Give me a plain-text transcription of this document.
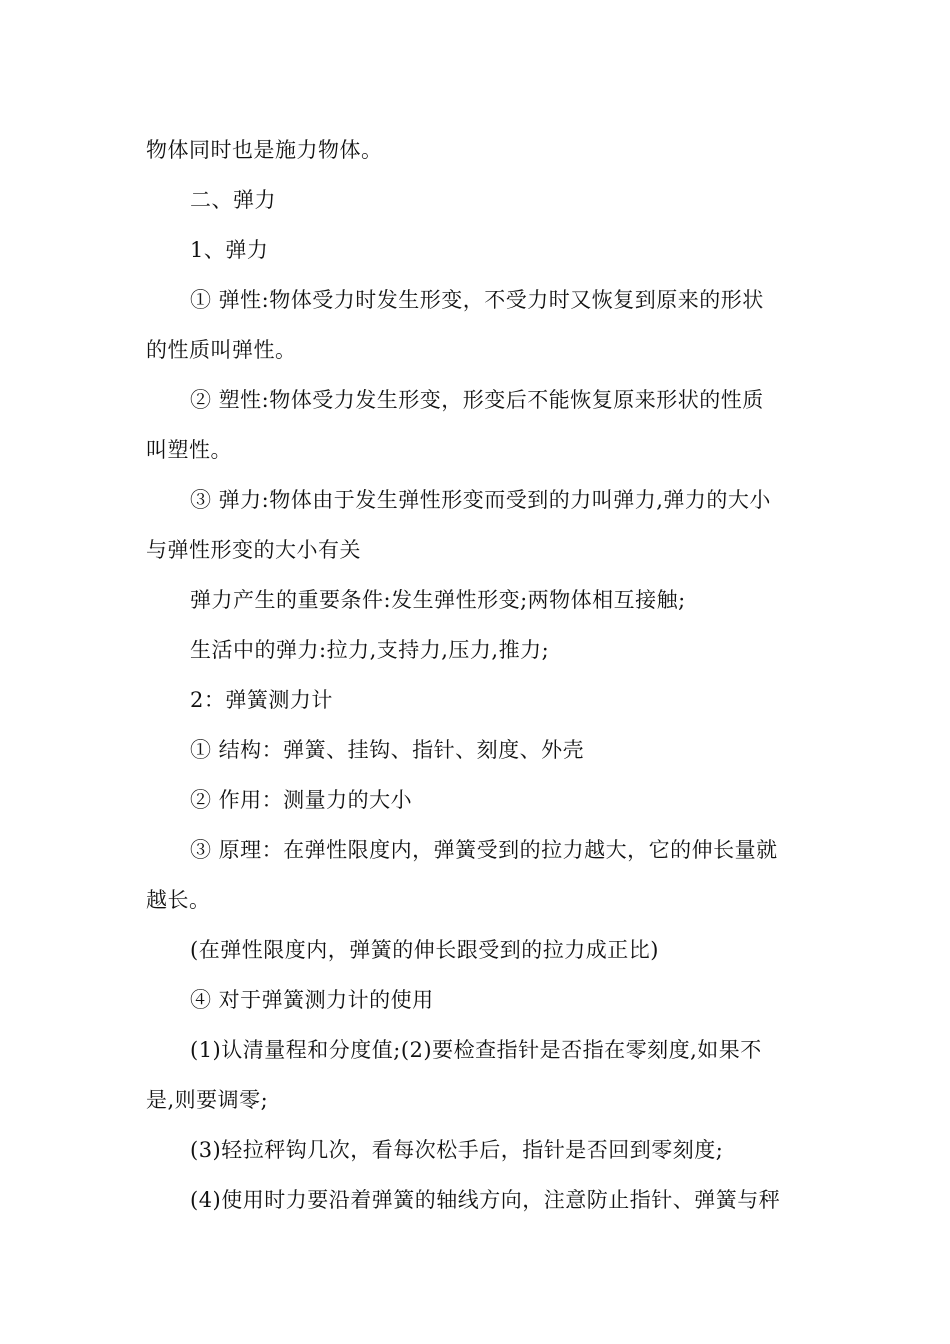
物体同时也是施力物体。
二、弹力
1、弹力
① 弹性:物体受力时发生形变，不受力时又恢复到原来的形状
的性质叫弹性。
② 塑性:物体受力发生形变，形变后不能恢复原来形状的性质
叫塑性。
③ 弹力:物体由于发生弹性形变而受到的力叫弹力,弹力的大小
与弹性形变的大小有关
弹力产生的重要条件:发生弹性形变;两物体相互接触;
生活中的弹力:拉力,支持力,压力,推力;
2：弹簧测力计
① 结构：弹簧、挂钩、指针、刻度、外壳
② 作用：测量力的大小
③ 原理：在弹性限度内，弹簧受到的拉力越大，它的伸长量就
越长。
(在弹性限度内，弹簧的伸长跟受到的拉力成正比)
④ 对于弹簧测力计的使用
(1)认清量程和分度值;(2)要检查指针是否指在零刻度,如果不
是,则要调零;
(3)轻拉秤钩几次，看每次松手后，指针是否回到零刻度;
(4)使用时力要沿着弹簧的轴线方向，注意防止指针、弹簧与秤
